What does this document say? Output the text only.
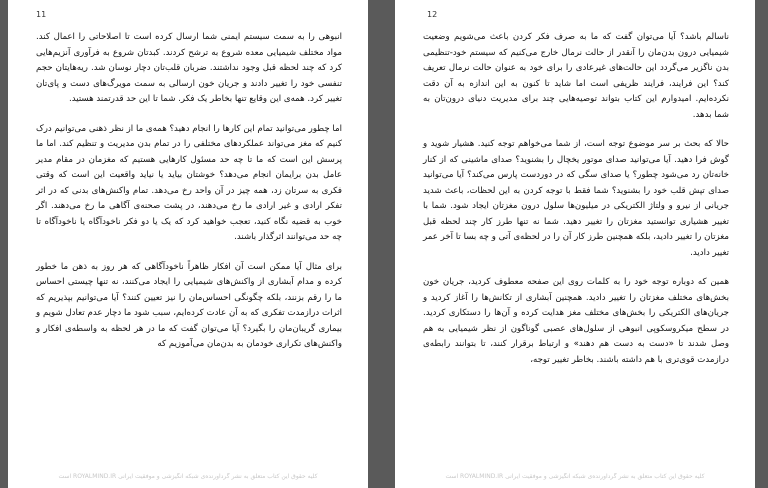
11

انبوهی را به سمت سیستم ایمنی شما ارسال کرده است تا اصلاحاتی را اعمال کند. مواد مختلف شیمیایی معده شروع به ترشح کردند. کبدتان شروع به فرآوری آنزیم‌هایی کرد که چند لحظه قبل وجود نداشتند. ضربان قلب‌تان دچار نوسان شد. ریه‌هایتان حجم تنفسی خود را تغییر دادند و جریان خون ارسالی به سمت مویرگ‌های دست و پای‌تان تغییر کرد. همه‌ی این وقایع تنها بخاطر یک فکر. شما تا این حد قدرتمند هستید.

اما چطور می‌توانید تمام این کارها را انجام دهید؟ همه‌ی ما از نظر ذهنی می‌توانیم درک کنیم که مغز می‌تواند عملکردهای مختلفی را در تمام بدن مدیریت و تنظیم کند. اما ما پرسش این است که ما تا چه حد مسئول کارهایی هستیم که مغزمان در مقام مدیر عامل بدن برایمان انجام می‌دهد؟ خوشتان بیاید یا نیاید واقعیت این است که وقتی فکری به سرتان زد، همه چیز در آن واحد رخ می‌دهد. تمام واکنش‌های بدنی که در اثر تفکر ارادی و غیر ارادی ما رخ می‌دهند، در پشت صحنه‌ی آگاهی ما رخ می‌دهند. اگر خوب به قضیه نگاه کنید، تعجب خواهید کرد که یک یا دو فکر ناخودآگاه یا ناخودآگاه تا چه حد می‌توانند اثرگذار باشند.

برای مثال آیا ممکن است آن افکار ظاهراً ناخودآگاهی که هر روز به ذهن ما خطور کرده و مدام آبشاری از واکنش‌های شیمیایی را ایجاد می‌کنند، نه تنها چیستی احساس ما را رقم بزنند، بلکه چگونگی احساس‌مان را نیز تعیین کنند؟ آیا می‌توانیم بپذیریم که اثرات درازمدت تفکری که به آن عادت کرده‌ایم، سبب شود ما دچار عدم تعادل شویم و بیماری گریبان‌مان را بگیرد؟ آیا می‌توان گفت که ما در هر لحظه به واسطه‌ی افکار و واکنش‌های تکراری خودمان به بدن‌مان می‌آموزیم که

کلیه حقوق این کتاب متعلق به نشر گردآورنده‌ی شبکه انگیزشی و موفقیت ایرانی ROYALMIND.IR است
12

ناسالم باشد؟ آیا می‌توان گفت که ما به صرف فکر کردن باعث می‌شویم وضعیت شیمیایی درون بدن‌مان را آنقدر از حالت نرمال خارج می‌کنیم که سیستم خود-تنظیمی بدن ناگزیر می‌گردد این حالت‌های غیرعادی را برای خود به عنوان حالت نرمال تعریف کند؟ این فرایند، فرایند ظریفی است اما شاید تا کنون به این اندازه به آن دقت نکرده‌ایم. امیدوارم این کتاب بتواند توصیه‌هایی چند برای مدیریت دنیای درون‌تان به شما بدهد.

حالا که بحث بر سر موضوع توجه است، از شما می‌خواهم توجه کنید. هشیار شوید و گوش فرا دهید. آیا می‌توانید صدای موتور یخچال را بشنوید؟ صدای ماشینی که از کنار خانه‌تان رد می‌شود چطور؟ یا صدای سگی که در دوردست پارس می‌کند؟ آیا می‌توانید صدای تپش قلب خود را بشنوید؟ شما فقط با توجه کردن به این لحظات، باعث شدید جریانی از نیرو و ولتاژ الکتریکی در میلیون‌ها سلول درون مغزتان ایجاد شود. شما با تغییر هشیاری توانستید مغزتان را تغییر دهید. شما نه تنها طرز کار چند لحظه قبل مغزتان را تغییر دادید، بلکه همچنین طرز کار آن را در لحظه‌ی آتی و چه بسا تا آخر عمر تغییر دادید.

همین که دوباره توجه خود را به کلمات روی این صفحه معطوف کردید، جریان خون بخش‌های مختلف مغزتان را تغییر دادید. همچنین آبشاری از تکانش‌ها را آغاز کردید و جریان‌های الکتریکی را بخش‌های مختلف مغز هدایت کرده و آن‌ها را دستکاری کردید. در سطح میکروسکوپی انبوهی از سلول‌های عصبی گوناگون از نظر شیمیایی به هم وصل شدند تا «دست به دست هم دهند» و ارتباط برقرار کنند، تا بتوانند رابطه‌ی درازمدت قوی‌تری با هم داشته باشند. بخاطر تغییر توجه،

کلیه حقوق این کتاب متعلق به نشر گردآورنده‌ی شبکه انگیزشی و موفقیت ایرانی ROYALMIND.IR است
